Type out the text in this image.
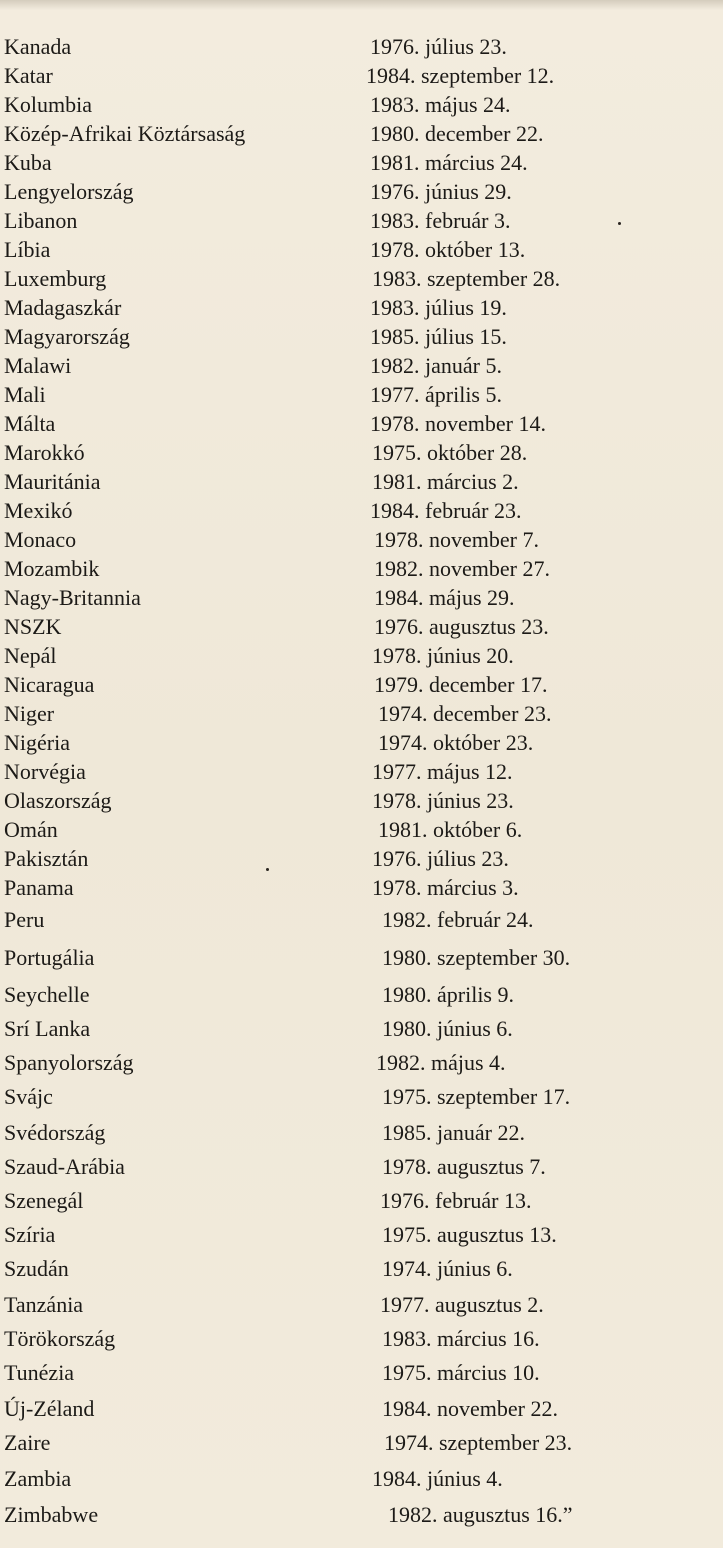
Kanada	1976. július 23.
Katar	1984. szeptember 12.
Kolumbia	1983. május 24.
Közép-Afrikai Köztársaság	1980. december 22.
Kuba	1981. március 24.
Lengyelország	1976. június 29.
Libanon	1983. február 3.
Líbia	1978. október 13.
Luxemburg	1983. szeptember 28.
Madagaszkár	1983. július 19.
Magyarország	1985. július 15.
Malawi	1982. január 5.
Mali	1977. április 5.
Málta	1978. november 14.
Marokkó	1975. október 28.
Mauritánia	1981. március 2.
Mexikó	1984. február 23.
Monaco	1978. november 7.
Mozambik	1982. november 27.
Nagy-Britannia	1984. május 29.
NSZK	1976. augusztus 23.
Nepál	1978. június 20.
Nicaragua	1979. december 17.
Niger	1974. december 23.
Nigéria	1974. október 23.
Norvégia	1977. május 12.
Olaszország	1978. június 23.
Omán	1981. október 6.
Pakisztán	1976. július 23.
Panama	1978. március 3.
Peru	1982. február 24.
Portugália	1980. szeptember 30.
Seychelle	1980. április 9.
Srí Lanka	1980. június 6.
Spanyolország	1982. május 4.
Svájc	1975. szeptember 17.
Svédország	1985. január 22.
Szaud-Arábia	1978. augusztus 7.
Szenegál	1976. február 13.
Szíria	1975. augusztus 13.
Szudán	1974. június 6.
Tanzánia	1977. augusztus 2.
Törökország	1983. március 16.
Tunézia	1975. március 10.
Új-Zéland	1984. november 22.
Zaire	1974. szeptember 23.
Zambia	1984. június 4.
Zimbabwe	1982. augusztus 16.”
